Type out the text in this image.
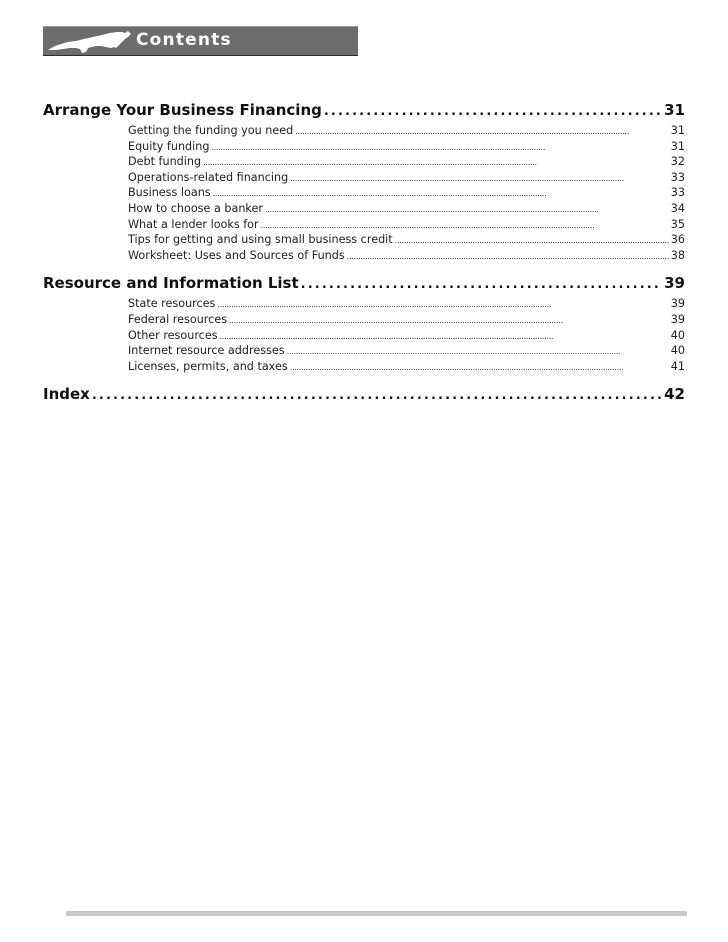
Contents
Arrange Your Business Financing . . .	31
Getting the funding you need . . .	31
Equity funding . . .	31
Debt funding . . .	32
Operations-related financing . . .	33
Business loans . . .	33
How to choose a banker . . .	34
What a lender looks for . . .	35
Tips for getting and using small business credit . . .	36
Worksheet: Uses and Sources of Funds . . .	38
Resource and Information List . . .	39
State resources . . .	39
Federal resources . . .	39
Other resources . . .	40
Internet resource addresses . . .	40
Licenses, permits, and taxes . . .	41
Index . . .	42
